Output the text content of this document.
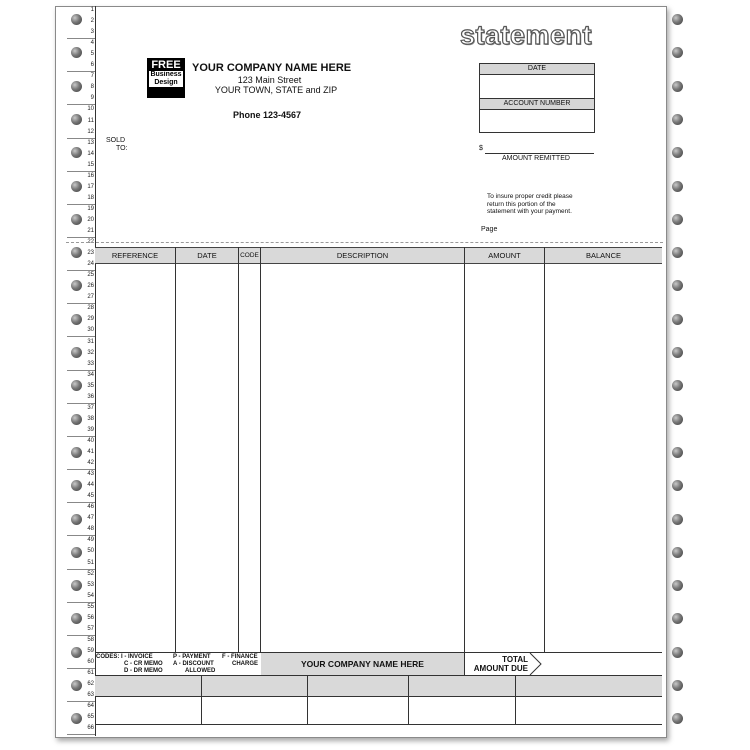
1
2
3
4
5
6
7
8
9
10
11
12
13
14
15
16
17
18
19
20
21
22
23
24
25
26
27
28
29
30
31
32
33
34
35
36
37
38
39
40
41
42
43
44
45
46
47
48
49
50
51
52
53
54
55
56
57
58
59
60
61
62
63
64
65
66
statement
FREE
Business
Design
YOUR COMPANY NAME HERE
123 Main Street
YOUR TOWN, STATE and ZIP
Phone 123-4567
SOLD
TO:
DATE
ACCOUNT NUMBER
$
AMOUNT REMITTED
To insure proper credit please
return this portion of the
statement with your payment.
Page
REFERENCE	DATE	CODE	DESCRIPTION	AMOUNT	BALANCE
YOUR COMPANY NAME HERE
CODES: I - INVOICE
C - CR MEMO
D - DR MEMO
P - PAYMENT
A - DISCOUNT
ALLOWED
F - FINANCE
CHARGE	TOTAL
AMOUNT DUE
